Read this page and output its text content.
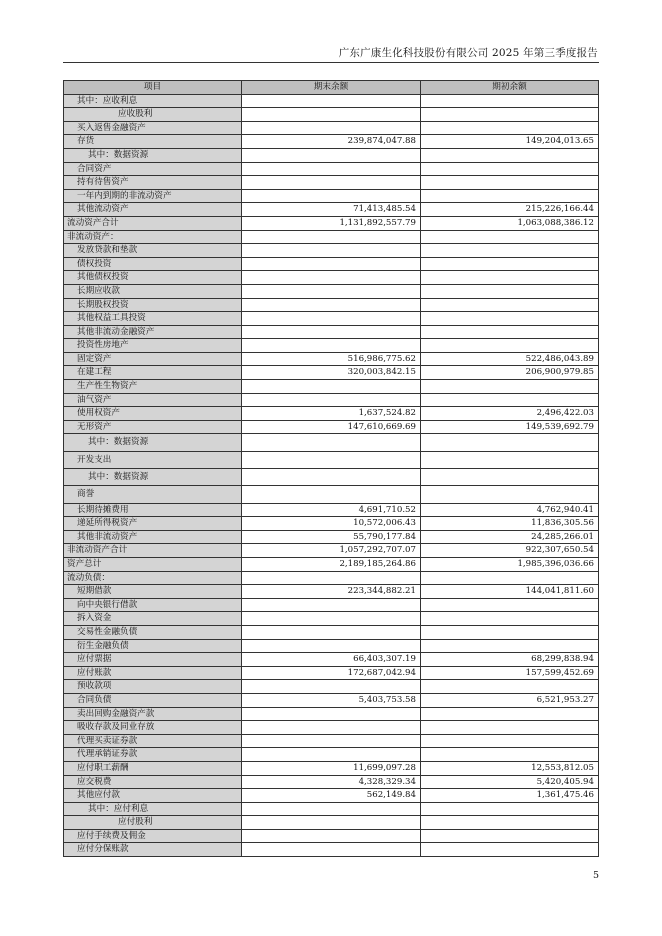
广东广康生化科技股份有限公司 2025 年第三季度报告
项目	期末余额	期初余额
其中：应收利息		
应收股利		
买入返售金融资产		
存货	239,874,047.88	149,204,013.65
其中：数据资源		
合同资产		
持有待售资产		
一年内到期的非流动资产		
其他流动资产	71,413,485.54	215,226,166.44
流动资产合计	1,131,892,557.79	1,063,088,386.12
非流动资产：		
发放贷款和垫款		
债权投资		
其他债权投资		
长期应收款		
长期股权投资		
其他权益工具投资		
其他非流动金融资产		
投资性房地产		
固定资产	516,986,775.62	522,486,043.89
在建工程	320,003,842.15	206,900,979.85
生产性生物资产		
油气资产		
使用权资产	1,637,524.82	2,496,422.03
无形资产	147,610,669.69	149,539,692.79
其中：数据资源		
开发支出		
其中：数据资源		
商誉		
长期待摊费用	4,691,710.52	4,762,940.41
递延所得税资产	10,572,006.43	11,836,305.56
其他非流动资产	55,790,177.84	24,285,266.01
非流动资产合计	1,057,292,707.07	922,307,650.54
资产总计	2,189,185,264.86	1,985,396,036.66
流动负债：		
短期借款	223,344,882.21	144,041,811.60
向中央银行借款		
拆入资金		
交易性金融负债		
衍生金融负债		
应付票据	66,403,307.19	68,299,838.94
应付账款	172,687,042.94	157,599,452.69
预收款项		
合同负债	5,403,753.58	6,521,953.27
卖出回购金融资产款		
吸收存款及同业存放		
代理买卖证券款		
代理承销证券款		
应付职工薪酬	11,699,097.28	12,553,812.05
应交税费	4,328,329.34	5,420,405.94
其他应付款	562,149.84	1,361,475.46
其中：应付利息		
应付股利		
应付手续费及佣金		
应付分保账款		
5
